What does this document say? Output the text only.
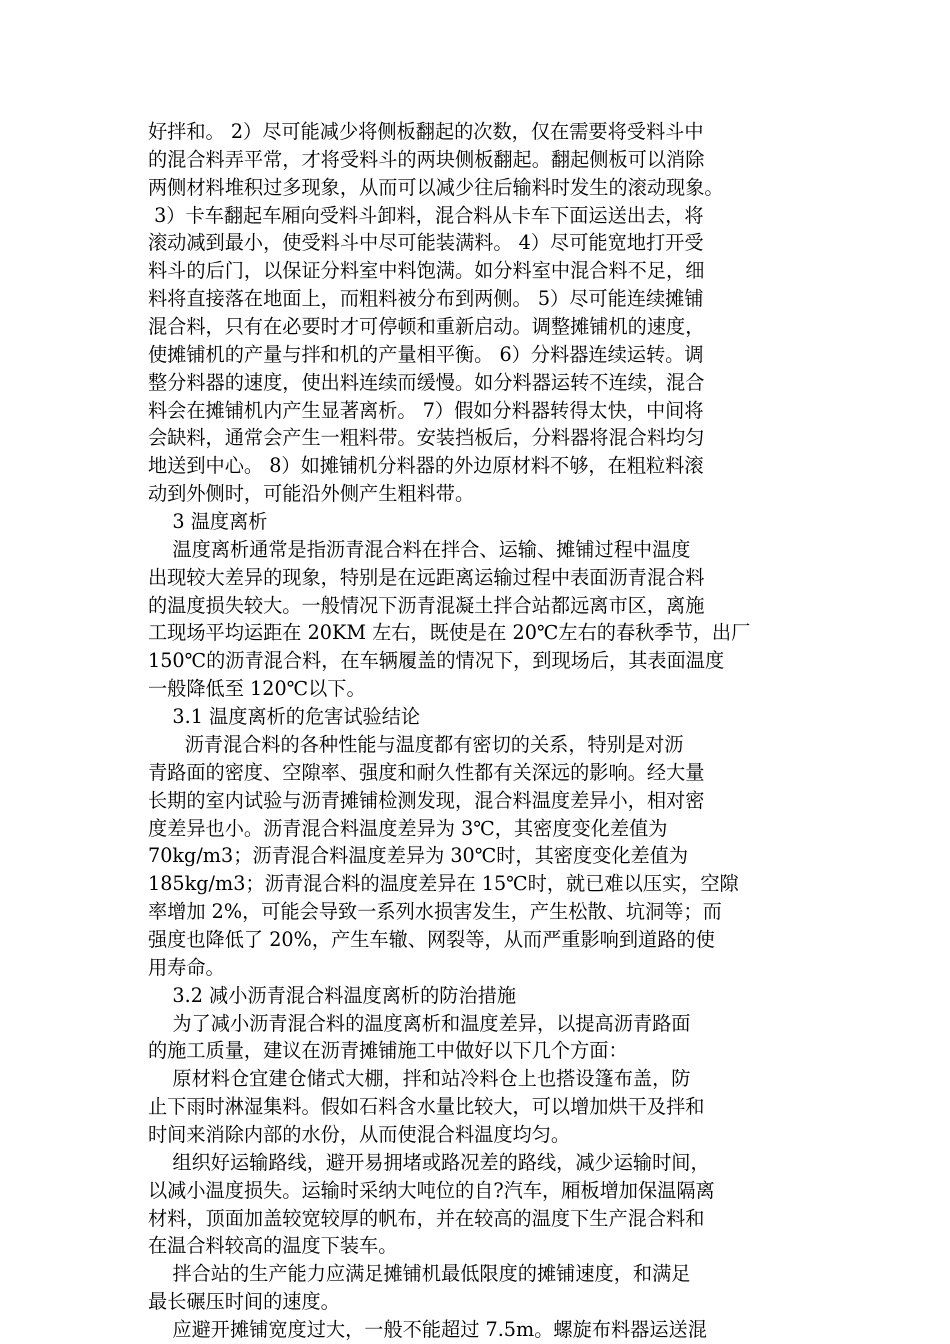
好拌和。 2）尽可能减少将侧板翻起的次数，仅在需要将受料斗中
的混合料弄平常，才将受料斗的两块侧板翻起。翻起侧板可以消除
两侧材料堆积过多现象，从而可以减少往后输料时发生的滚动现象。
3）卡车翻起车厢向受料斗卸料，混合料从卡车下面运送出去，将
滚动减到最小，使受料斗中尽可能装满料。 4）尽可能宽地打开受
料斗的后门，以保证分料室中料饱满。如分料室中混合料不足，细
料将直接落在地面上，而粗料被分布到两侧。 5）尽可能连续摊铺
混合料，只有在必要时才可停顿和重新启动。调整摊铺机的速度，
使摊铺机的产量与拌和机的产量相平衡。 6）分料器连续运转。调
整分料器的速度，使出料连续而缓慢。如分料器运转不连续，混合
料会在摊铺机内产生显著离析。 7）假如分料器转得太快，中间将
会缺料，通常会产生一粗料带。安装挡板后，分料器将混合料均匀
地送到中心。 8）如摊铺机分料器的外边原材料不够，在粗粒料滚
动到外侧时，可能沿外侧产生粗料带。
3 温度离析
温度离析通常是指沥青混合料在拌合、运输、摊铺过程中温度
出现较大差异的现象，特别是在远距离运输过程中表面沥青混合料
的温度损失较大。一般情况下沥青混凝土拌合站都远离市区，离施
工现场平均运距在 20KM 左右，既使是在 20℃左右的春秋季节，出厂
150℃的沥青混合料，在车辆履盖的情况下，到现场后，其表面温度
一般降低至 120℃以下。
3.1 温度离析的危害试验结论
沥青混合料的各种性能与温度都有密切的关系，特别是对沥
青路面的密度、空隙率、强度和耐久性都有关深远的影响。经大量
长期的室内试验与沥青摊铺检测发现，混合料温度差异小，相对密
度差异也小。沥青混合料温度差异为 3℃，其密度变化差值为
70kg/m3；沥青混合料温度差异为 30℃时，其密度变化差值为
185kg/m3；沥青混合料的温度差异在 15℃时，就已难以压实，空隙
率增加 2%，可能会导致一系列水损害发生，产生松散、坑洞等；而
强度也降低了 20%，产生车辙、网裂等，从而严重影响到道路的使
用寿命。
3.2 减小沥青混合料温度离析的防治措施
为了减小沥青混合料的温度离析和温度差异，以提高沥青路面
的施工质量，建议在沥青摊铺施工中做好以下几个方面：
原材料仓宜建仓储式大棚，拌和站冷料仓上也搭设篷布盖，防
止下雨时淋湿集料。假如石料含水量比较大，可以增加烘干及拌和
时间来消除内部的水份，从而使混合料温度均匀。
组织好运输路线，避开易拥堵或路况差的路线，减少运输时间，
以减小温度损失。运输时采纳大吨位的自?汽车，厢板增加保温隔离
材料，顶面加盖较宽较厚的帆布，并在较高的温度下生产混合料和
在温合料较高的温度下装车。
拌合站的生产能力应满足摊铺机最低限度的摊铺速度，和满足
最长碾压时间的速度。
应避开摊铺宽度过大，一般不能超过 7.5m。螺旋布料器运送混
